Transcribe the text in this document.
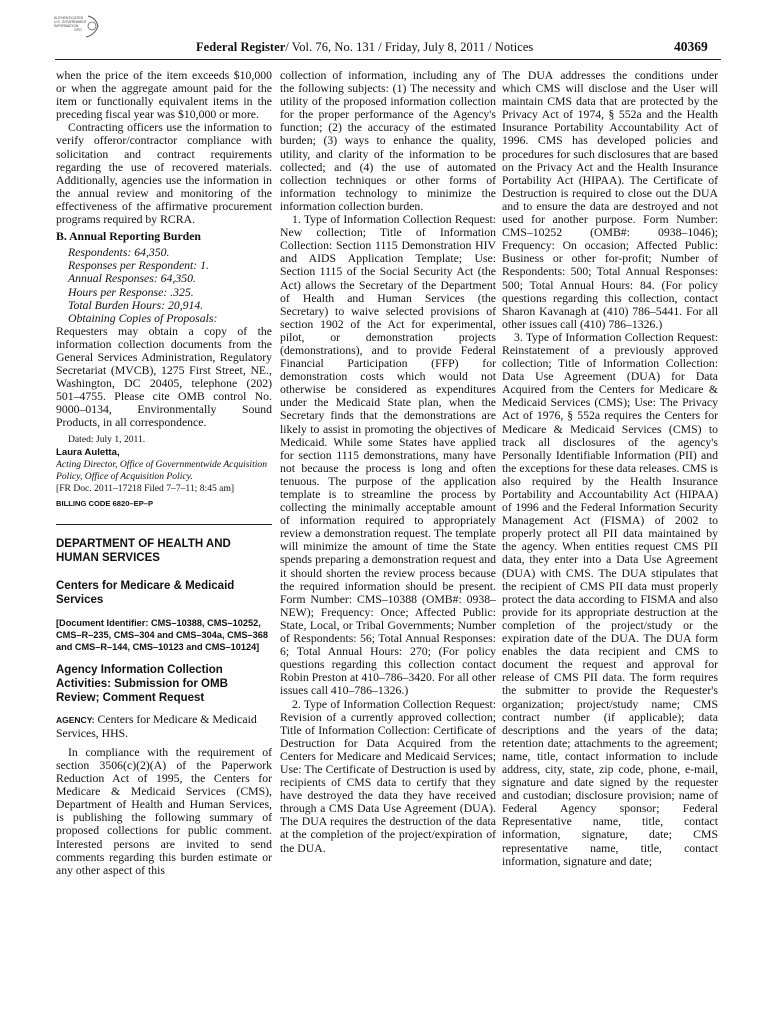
AUTHENTICATED
U.S. GOVERNMENT
INFORMATION
GPO
Federal Register/ Vol. 76, No. 131 / Friday, July 8, 2011 / Notices	40369

when the price of the item exceeds $10,000 or when the aggregate amount paid for the item or functionally equivalent items in the preceding fiscal year was $10,000 or more.

Contracting officers use the information to verify offeror/contractor compliance with solicitation and contract requirements regarding the use of recovered materials. Additionally, agencies use the information in the annual review and monitoring of the effectiveness of the affirmative procurement programs required by RCRA.

B. Annual Reporting Burden

Respondents: 64,350.

Responses per Respondent: 1.

Annual Responses: 64,350.

Hours per Response: .325.

Total Burden Hours: 20,914.

Obtaining Copies of Proposals:

Requesters may obtain a copy of the information collection documents from the General Services Administration, Regulatory Secretariat (MVCB), 1275 First Street, NE., Washington, DC 20405, telephone (202) 501–4755. Please cite OMB control No. 9000–0134, Environmentally Sound Products, in all correspondence.

Dated: July 1, 2011.

Laura Auletta,

Acting Director, Office of Governmentwide Acquisition Policy, Office of Acquisition Policy.

[FR Doc. 2011–17218 Filed 7–7–11; 8:45 am]

BILLING CODE 6820–EP–P

DEPARTMENT OF HEALTH AND HUMAN SERVICES

Centers for Medicare & Medicaid Services

[Document Identifier: CMS–10388, CMS–10252, CMS–R–235, CMS–304 and CMS–304a, CMS–368 and CMS–R–144, CMS–10123 and CMS–10124]

Agency Information Collection Activities: Submission for OMB Review; Comment Request

AGENCY: Centers for Medicare & Medicaid Services, HHS.

In compliance with the requirement of section 3506(c)(2)(A) of the Paperwork Reduction Act of 1995, the Centers for Medicare & Medicaid Services (CMS), Department of Health and Human Services, is publishing the following summary of proposed collections for public comment. Interested persons are invited to send comments regarding this burden estimate or any other aspect of this

collection of information, including any of the following subjects: (1) The necessity and utility of the proposed information collection for the proper performance of the Agency's function; (2) the accuracy of the estimated burden; (3) ways to enhance the quality, utility, and clarity of the information to be collected; and (4) the use of automated collection techniques or other forms of information technology to minimize the information collection burden.

1. Type of Information Collection Request: New collection; Title of Information Collection: Section 1115 Demonstration HIV and AIDS Application Template; Use: Section 1115 of the Social Security Act (the Act) allows the Secretary of the Department of Health and Human Services (the Secretary) to waive selected provisions of section 1902 of the Act for experimental, pilot, or demonstration projects (demonstrations), and to provide Federal Financial Participation (FFP) for demonstration costs which would not otherwise be considered as expenditures under the Medicaid State plan, when the Secretary finds that the demonstrations are likely to assist in promoting the objectives of Medicaid. While some States have applied for section 1115 demonstrations, many have not because the process is long and often tenuous. The purpose of the application template is to streamline the process by collecting the minimally acceptable amount of information required to appropriately review a demonstration request. The template will minimize the amount of time the State spends preparing a demonstration request and it should shorten the review process because the required information should be present. Form Number: CMS–10388 (OMB#: 0938–NEW); Frequency: Once; Affected Public: State, Local, or Tribal Governments; Number of Respondents: 56; Total Annual Responses: 6; Total Annual Hours: 270; (For policy questions regarding this collection contact Robin Preston at 410–786–3420. For all other issues call 410–786–1326.)

2. Type of Information Collection Request: Revision of a currently approved collection; Title of Information Collection: Certificate of Destruction for Data Acquired from the Centers for Medicare and Medicaid Services; Use: The Certificate of Destruction is used by recipients of CMS data to certify that they have destroyed the data they have received through a CMS Data Use Agreement (DUA). The DUA requires the destruction of the data at the completion of the project/expiration of the DUA.

The DUA addresses the conditions under which CMS will disclose and the User will maintain CMS data that are protected by the Privacy Act of 1974, § 552a and the Health Insurance Portability Accountability Act of 1996. CMS has developed policies and procedures for such disclosures that are based on the Privacy Act and the Health Insurance Portability Act (HIPAA). The Certificate of Destruction is required to close out the DUA and to ensure the data are destroyed and not used for another purpose. Form Number: CMS–10252 (OMB#: 0938–1046); Frequency: On occasion; Affected Public: Business or other for-profit; Number of Respondents: 500; Total Annual Responses: 500; Total Annual Hours: 84. (For policy questions regarding this collection, contact Sharon Kavanagh at (410) 786–5441. For all other issues call (410) 786–1326.)

3. Type of Information Collection Request: Reinstatement of a previously approved collection; Title of Information Collection: Data Use Agreement (DUA) for Data Acquired from the Centers for Medicare & Medicaid Services (CMS); Use: The Privacy Act of 1976, § 552a requires the Centers for Medicare & Medicaid Services (CMS) to track all disclosures of the agency's Personally Identifiable Information (PII) and the exceptions for these data releases. CMS is also required by the Health Insurance Portability and Accountability Act (HIPAA) of 1996 and the Federal Information Security Management Act (FISMA) of 2002 to properly protect all PII data maintained by the agency. When entities request CMS PII data, they enter into a Data Use Agreement (DUA) with CMS. The DUA stipulates that the recipient of CMS PII data must properly protect the data according to FISMA and also provide for its appropriate destruction at the completion of the project/study or the expiration date of the DUA. The DUA form enables the data recipient and CMS to document the request and approval for release of CMS PII data. The form requires the submitter to provide the Requester's organization; project/study name; CMS contract number (if applicable); data descriptions and the years of the data; retention date; attachments to the agreement; name, title, contact information to include address, city, state, zip code, phone, e-mail, signature and date signed by the requester and custodian; disclosure provision; name of Federal Agency sponsor; Federal Representative name, title, contact information, signature, date; CMS representative name, title, contact information, signature and date;
